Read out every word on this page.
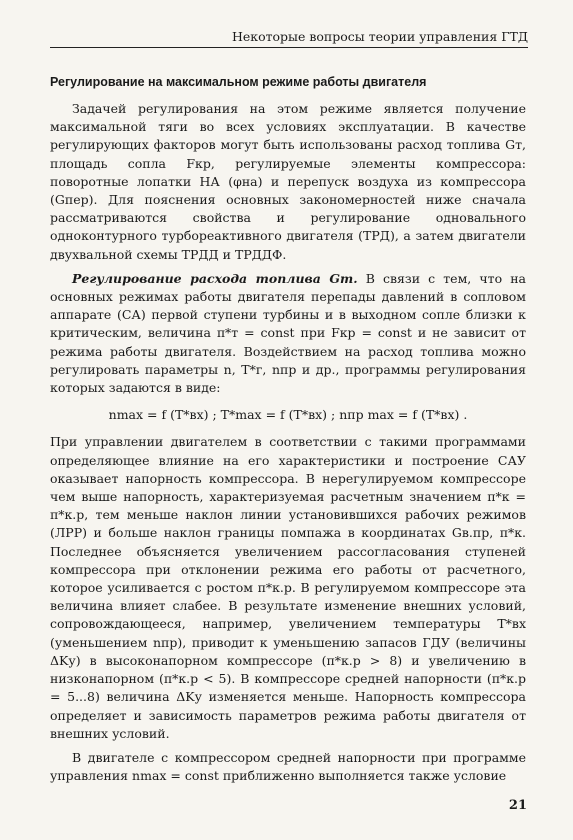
Некоторые вопросы теории управления ГТД
Регулирование на максимальном режиме работы двигателя

Задачей регулирования на этом режиме является получение максимальной тяги во всех условиях эксплуатации. В качестве регулирующих факторов могут быть использованы расход топлива Gт, площадь сопла Fкр, регулируемые элементы компрессора: поворотные лопатки НА (φна) и перепуск воздуха из компрессора (Gпер). Для пояснения основных закономерностей ниже сначала рассматриваются свойства и регулирование одновального одноконтурного турбореактивного двигателя (ТРД), а затем двигатели двухвальной схемы ТРДД и ТРДДФ.

Регулирование расхода топлива Gт. В связи с тем, что на основных режимах работы двигателя перепады давлений в сопловом аппарате (СА) первой ступени турбины и в выходном сопле близки к критическим, величина π*т = const при Fкр = const и не зависит от режима работы двигателя. Воздействием на расход топлива можно регулировать параметры n, T*г, nпр и др., программы регулирования которых задаются в виде:

nmax = f (T*вх) ; T*max = f (T*вх) ; nпр max = f (T*вх) .

При управлении двигателем в соответствии с такими программами определяющее влияние на его характеристики и построение САУ оказывает напорность компрессора. В нерегулируемом компрессоре чем выше напорность, характеризуемая расчетным значением π*к = π*к.р, тем меньше наклон линии установившихся рабочих режимов (ЛРР) и больше наклон границы помпажа в координатах Gв.пр, π*к. Последнее объясняется увеличением рассогласования ступеней компрессора при отклонении режима его работы от расчетного, которое усиливается с ростом π*к.р. В регулируемом компрессоре эта величина влияет слабее. В результате изменение внешних условий, сопровождающееся, например, увеличением температуры T*вх (уменьшением nпр), приводит к уменьшению запасов ГДУ (величины ΔKу) в высоконапорном компрессоре (π*к.р > 8) и увеличению в низконапорном (π*к.р < 5). В компрессоре средней напорности (π*к.р = 5...8) величина ΔKу изменяется меньше. Напорность компрессора определяет и зависимость параметров режима работы двигателя от внешних условий.

В двигателе с компрессором средней напорности при программе управления nmax = const приближенно выполняется также условие

21
